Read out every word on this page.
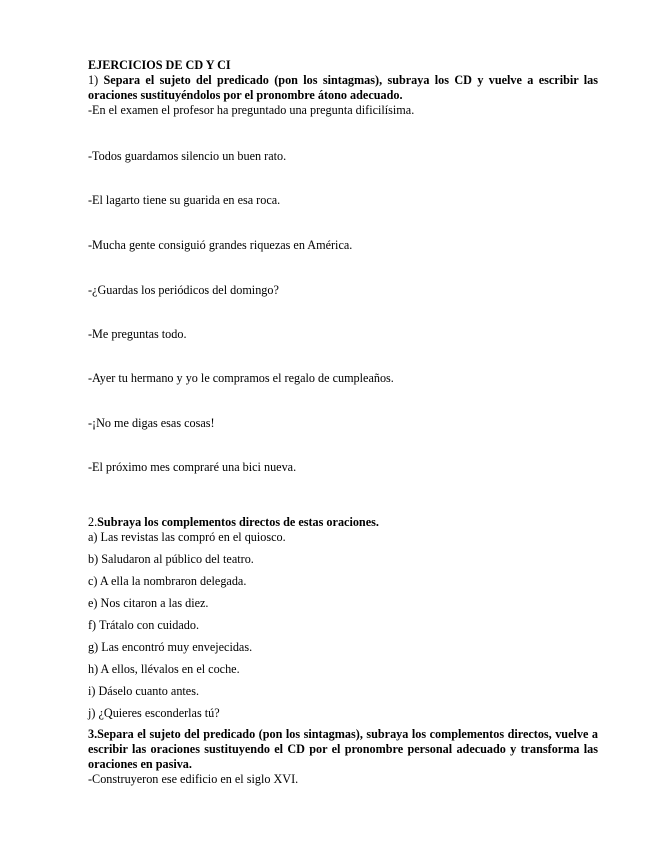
EJERCICIOS DE CD Y CI
1) Separa el sujeto del predicado (pon los sintagmas), subraya los CD y vuelve a escribir las oraciones sustituyéndolos por el pronombre átono adecuado.
-En el examen el profesor ha preguntado una pregunta dificilísima.
-Todos guardamos silencio un buen rato.
-El lagarto tiene su guarida en esa roca.
-Mucha gente consiguió grandes riquezas en América.
-¿Guardas los periódicos del domingo?
-Me preguntas todo.
-Ayer tu hermano y yo le compramos el regalo de cumpleaños.
-¡No me digas esas cosas!
-El próximo mes compraré una bici nueva.
2.Subraya los complementos directos de estas oraciones.
a) Las revistas las compró en el quiosco.
b) Saludaron al público del teatro.
c) A ella la nombraron delegada.
e) Nos citaron a las diez.
f) Trátalo con cuidado.
g) Las encontró muy envejecidas.
h) A ellos, llévalos en el coche.
i) Dáselo cuanto antes.
j) ¿Quieres esconderlas tú?
3.Separa el sujeto del predicado (pon los sintagmas), subraya los complementos directos, vuelve a escribir las oraciones sustituyendo el CD por el pronombre personal adecuado y transforma las oraciones en pasiva.
-Construyeron ese edificio en el siglo XVI.
